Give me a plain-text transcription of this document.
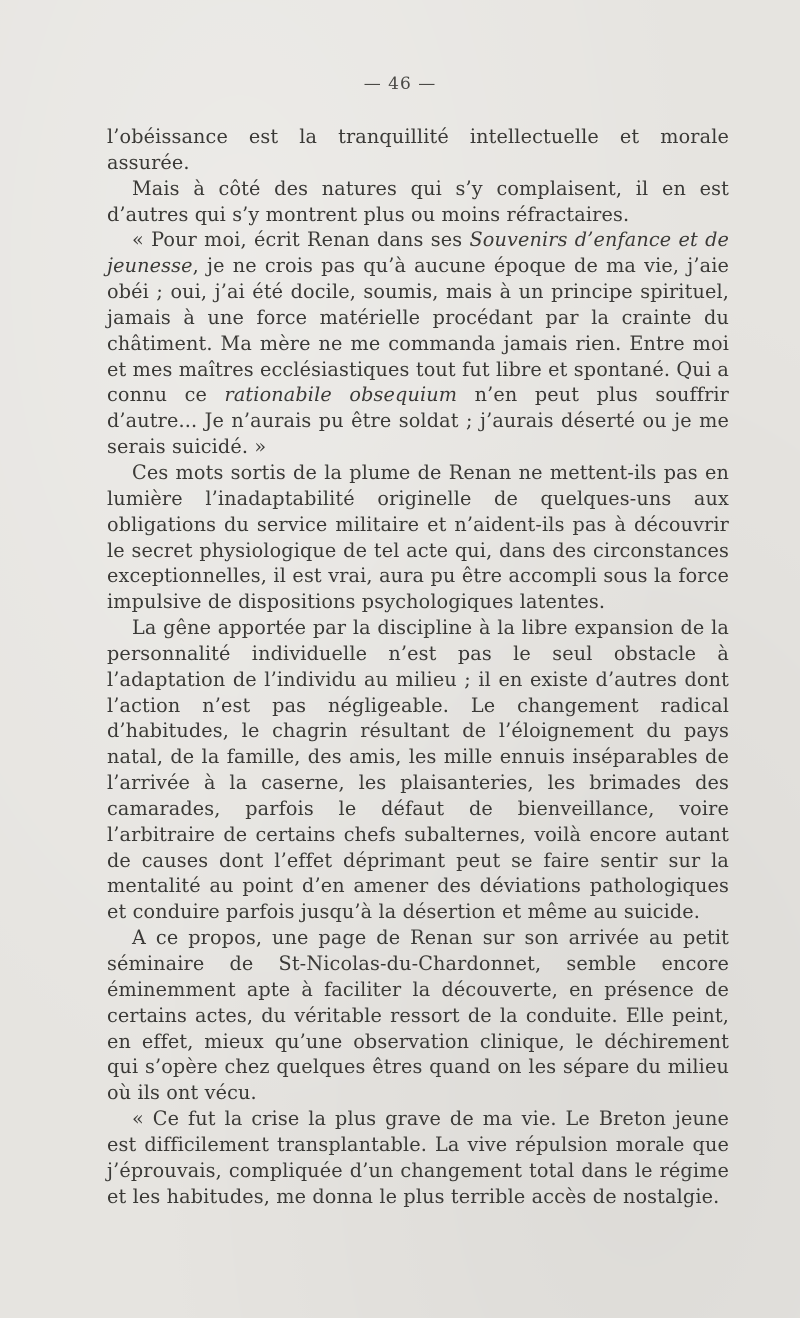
— 46 —

l’obéissance est la tranquillité intellectuelle et morale assurée.

Mais à côté des natures qui s’y complaisent, il en est d’autres qui s’y montrent plus ou moins réfractaires.

« Pour moi, écrit Renan dans ses Souvenirs d’enfance et de jeunesse, je ne crois pas qu’à aucune époque de ma vie, j’aie obéi ; oui, j’ai été docile, soumis, mais à un principe spirituel, jamais à une force matérielle procédant par la crainte du châtiment. Ma mère ne me commanda jamais rien. Entre moi et mes maîtres ecclésiastiques tout fut libre et spontané. Qui a connu ce rationabile obsequium n’en peut plus souffrir d’autre... Je n’aurais pu être soldat ; j’aurais déserté ou je me serais suicidé. »

Ces mots sortis de la plume de Renan ne mettent-ils pas en lumière l’inadaptabilité originelle de quelques-uns aux obligations du service militaire et n’aident-ils pas à découvrir le secret physiologique de tel acte qui, dans des circonstances exceptionnelles, il est vrai, aura pu être accompli sous la force impulsive de dispositions psychologiques latentes.

La gêne apportée par la discipline à la libre expansion de la personnalité individuelle n’est pas le seul obstacle à l’adaptation de l’individu au milieu ; il en existe d’autres dont l’action n’est pas négligeable. Le changement radical d’habitudes, le chagrin résultant de l’éloignement du pays natal, de la famille, des amis, les mille ennuis inséparables de l’arrivée à la caserne, les plaisanteries, les brimades des camarades, parfois le défaut de bienveillance, voire l’arbitraire de certains chefs subalternes, voilà encore autant de causes dont l’effet déprimant peut se faire sentir sur la mentalité au point d’en amener des déviations pathologiques et conduire parfois jusqu’à la désertion et même au suicide.

A ce propos, une page de Renan sur son arrivée au petit séminaire de St-Nicolas-du-Chardonnet, semble encore éminemment apte à faciliter la découverte, en présence de certains actes, du véritable ressort de la conduite. Elle peint, en effet, mieux qu’une observation clinique, le déchirement qui s’opère chez quelques êtres quand on les sépare du milieu où ils ont vécu.

« Ce fut la crise la plus grave de ma vie. Le Breton jeune est difficilement transplantable. La vive répulsion morale que j’éprouvais, compliquée d’un changement total dans le régime et les habitudes, me donna le plus terrible accès de nostalgie.
